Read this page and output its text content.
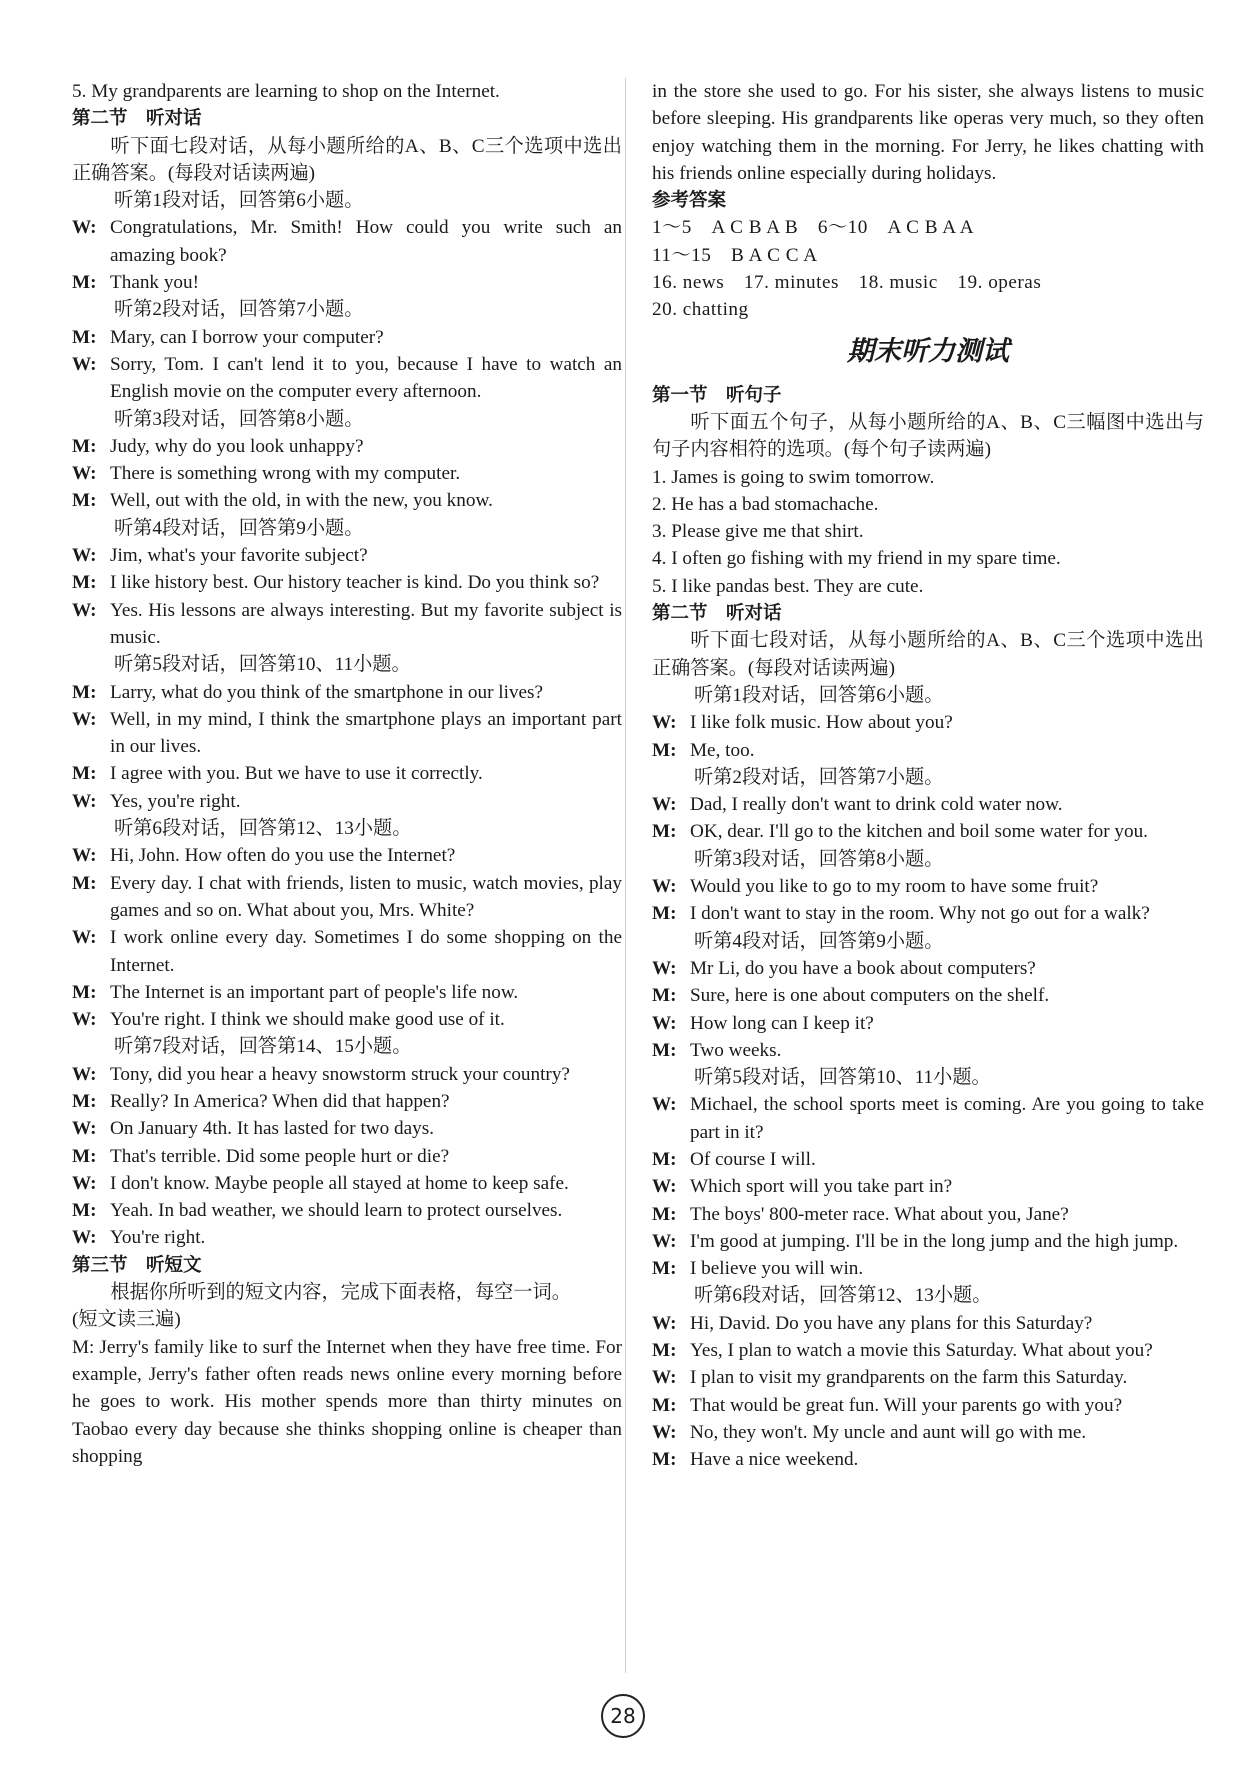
5. My grandparents are learning to shop on the Internet.

第二节　听对话

听下面七段对话，从每小题所给的A、B、C三个选项中选出正确答案。(每段对话读两遍)

听第1段对话，回答第6小题。

W: Congratulations, Mr. Smith! How could you write such an amazing book?
M: Thank you!

听第2段对话，回答第7小题。

M: Mary, can I borrow your computer?
W: Sorry, Tom. I can't lend it to you, because I have to watch an English movie on the computer every afternoon.

听第3段对话，回答第8小题。

M: Judy, why do you look unhappy?
W: There is something wrong with my computer.
M: Well, out with the old, in with the new, you know.

听第4段对话，回答第9小题。

W: Jim, what's your favorite subject?
M: I like history best. Our history teacher is kind. Do you think so?
W: Yes. His lessons are always interesting. But my favorite subject is music.

听第5段对话，回答第10、11小题。

M: Larry, what do you think of the smartphone in our lives?
W: Well, in my mind, I think the smartphone plays an important part in our lives.
M: I agree with you. But we have to use it correctly.
W: Yes, you're right.

听第6段对话，回答第12、13小题。

W: Hi, John. How often do you use the Internet?
M: Every day. I chat with friends, listen to music, watch movies, play games and so on. What about you, Mrs. White?
W: I work online every day. Sometimes I do some shopping on the Internet.
M: The Internet is an important part of people's life now.
W: You're right. I think we should make good use of it.

听第7段对话，回答第14、15小题。

W: Tony, did you hear a heavy snowstorm struck your country?
M: Really? In America? When did that happen?
W: On January 4th. It has lasted for two days.
M: That's terrible. Did some people hurt or die?
W: I don't know. Maybe people all stayed at home to keep safe.
M: Yeah. In bad weather, we should learn to protect ourselves.
W: You're right.

第三节　听短文

根据你所听到的短文内容，完成下面表格，每空一词。

(短文读三遍)

M: Jerry's family like to surf the Internet when they have free time. For example, Jerry's father often reads news online every morning before he goes to work. His mother spends more than thirty minutes on Taobao every day because she thinks shopping online is cheaper than shopping

in the store she used to go. For his sister, she always listens to music before sleeping. His grandparents like operas very much, so they often enjoy watching them in the morning. For Jerry, he likes chatting with his friends online especially during holidays.

参考答案

1～5　A C B A B　6～10　A C B A A

11～15　B A C C A

16. news　17. minutes　18. music　19. operas

20. chatting

期末听力测试

第一节　听句子

听下面五个句子，从每小题所给的A、B、C三幅图中选出与句子内容相符的选项。(每个句子读两遍)

1. James is going to swim tomorrow.

2. He has a bad stomachache.

3. Please give me that shirt.

4. I often go fishing with my friend in my spare time.

5. I like pandas best. They are cute.

第二节　听对话

听下面七段对话，从每小题所给的A、B、C三个选项中选出正确答案。(每段对话读两遍)

听第1段对话，回答第6小题。

W: I like folk music. How about you?
M: Me, too.

听第2段对话，回答第7小题。

W: Dad, I really don't want to drink cold water now.
M: OK, dear. I'll go to the kitchen and boil some water for you.

听第3段对话，回答第8小题。

W: Would you like to go to my room to have some fruit?
M: I don't want to stay in the room. Why not go out for a walk?

听第4段对话，回答第9小题。

W: Mr Li, do you have a book about computers?
M: Sure, here is one about computers on the shelf.
W: How long can I keep it?
M: Two weeks.

听第5段对话，回答第10、11小题。

W: Michael, the school sports meet is coming. Are you going to take part in it?
M: Of course I will.
W: Which sport will you take part in?
M: The boys' 800-meter race. What about you, Jane?
W: I'm good at jumping. I'll be in the long jump and the high jump.
M: I believe you will win.

听第6段对话，回答第12、13小题。

W: Hi, David. Do you have any plans for this Saturday?
M: Yes, I plan to watch a movie this Saturday. What about you?
W: I plan to visit my grandparents on the farm this Saturday.
M: That would be great fun. Will your parents go with you?
W: No, they won't. My uncle and aunt will go with me.
M: Have a nice weekend.
28
